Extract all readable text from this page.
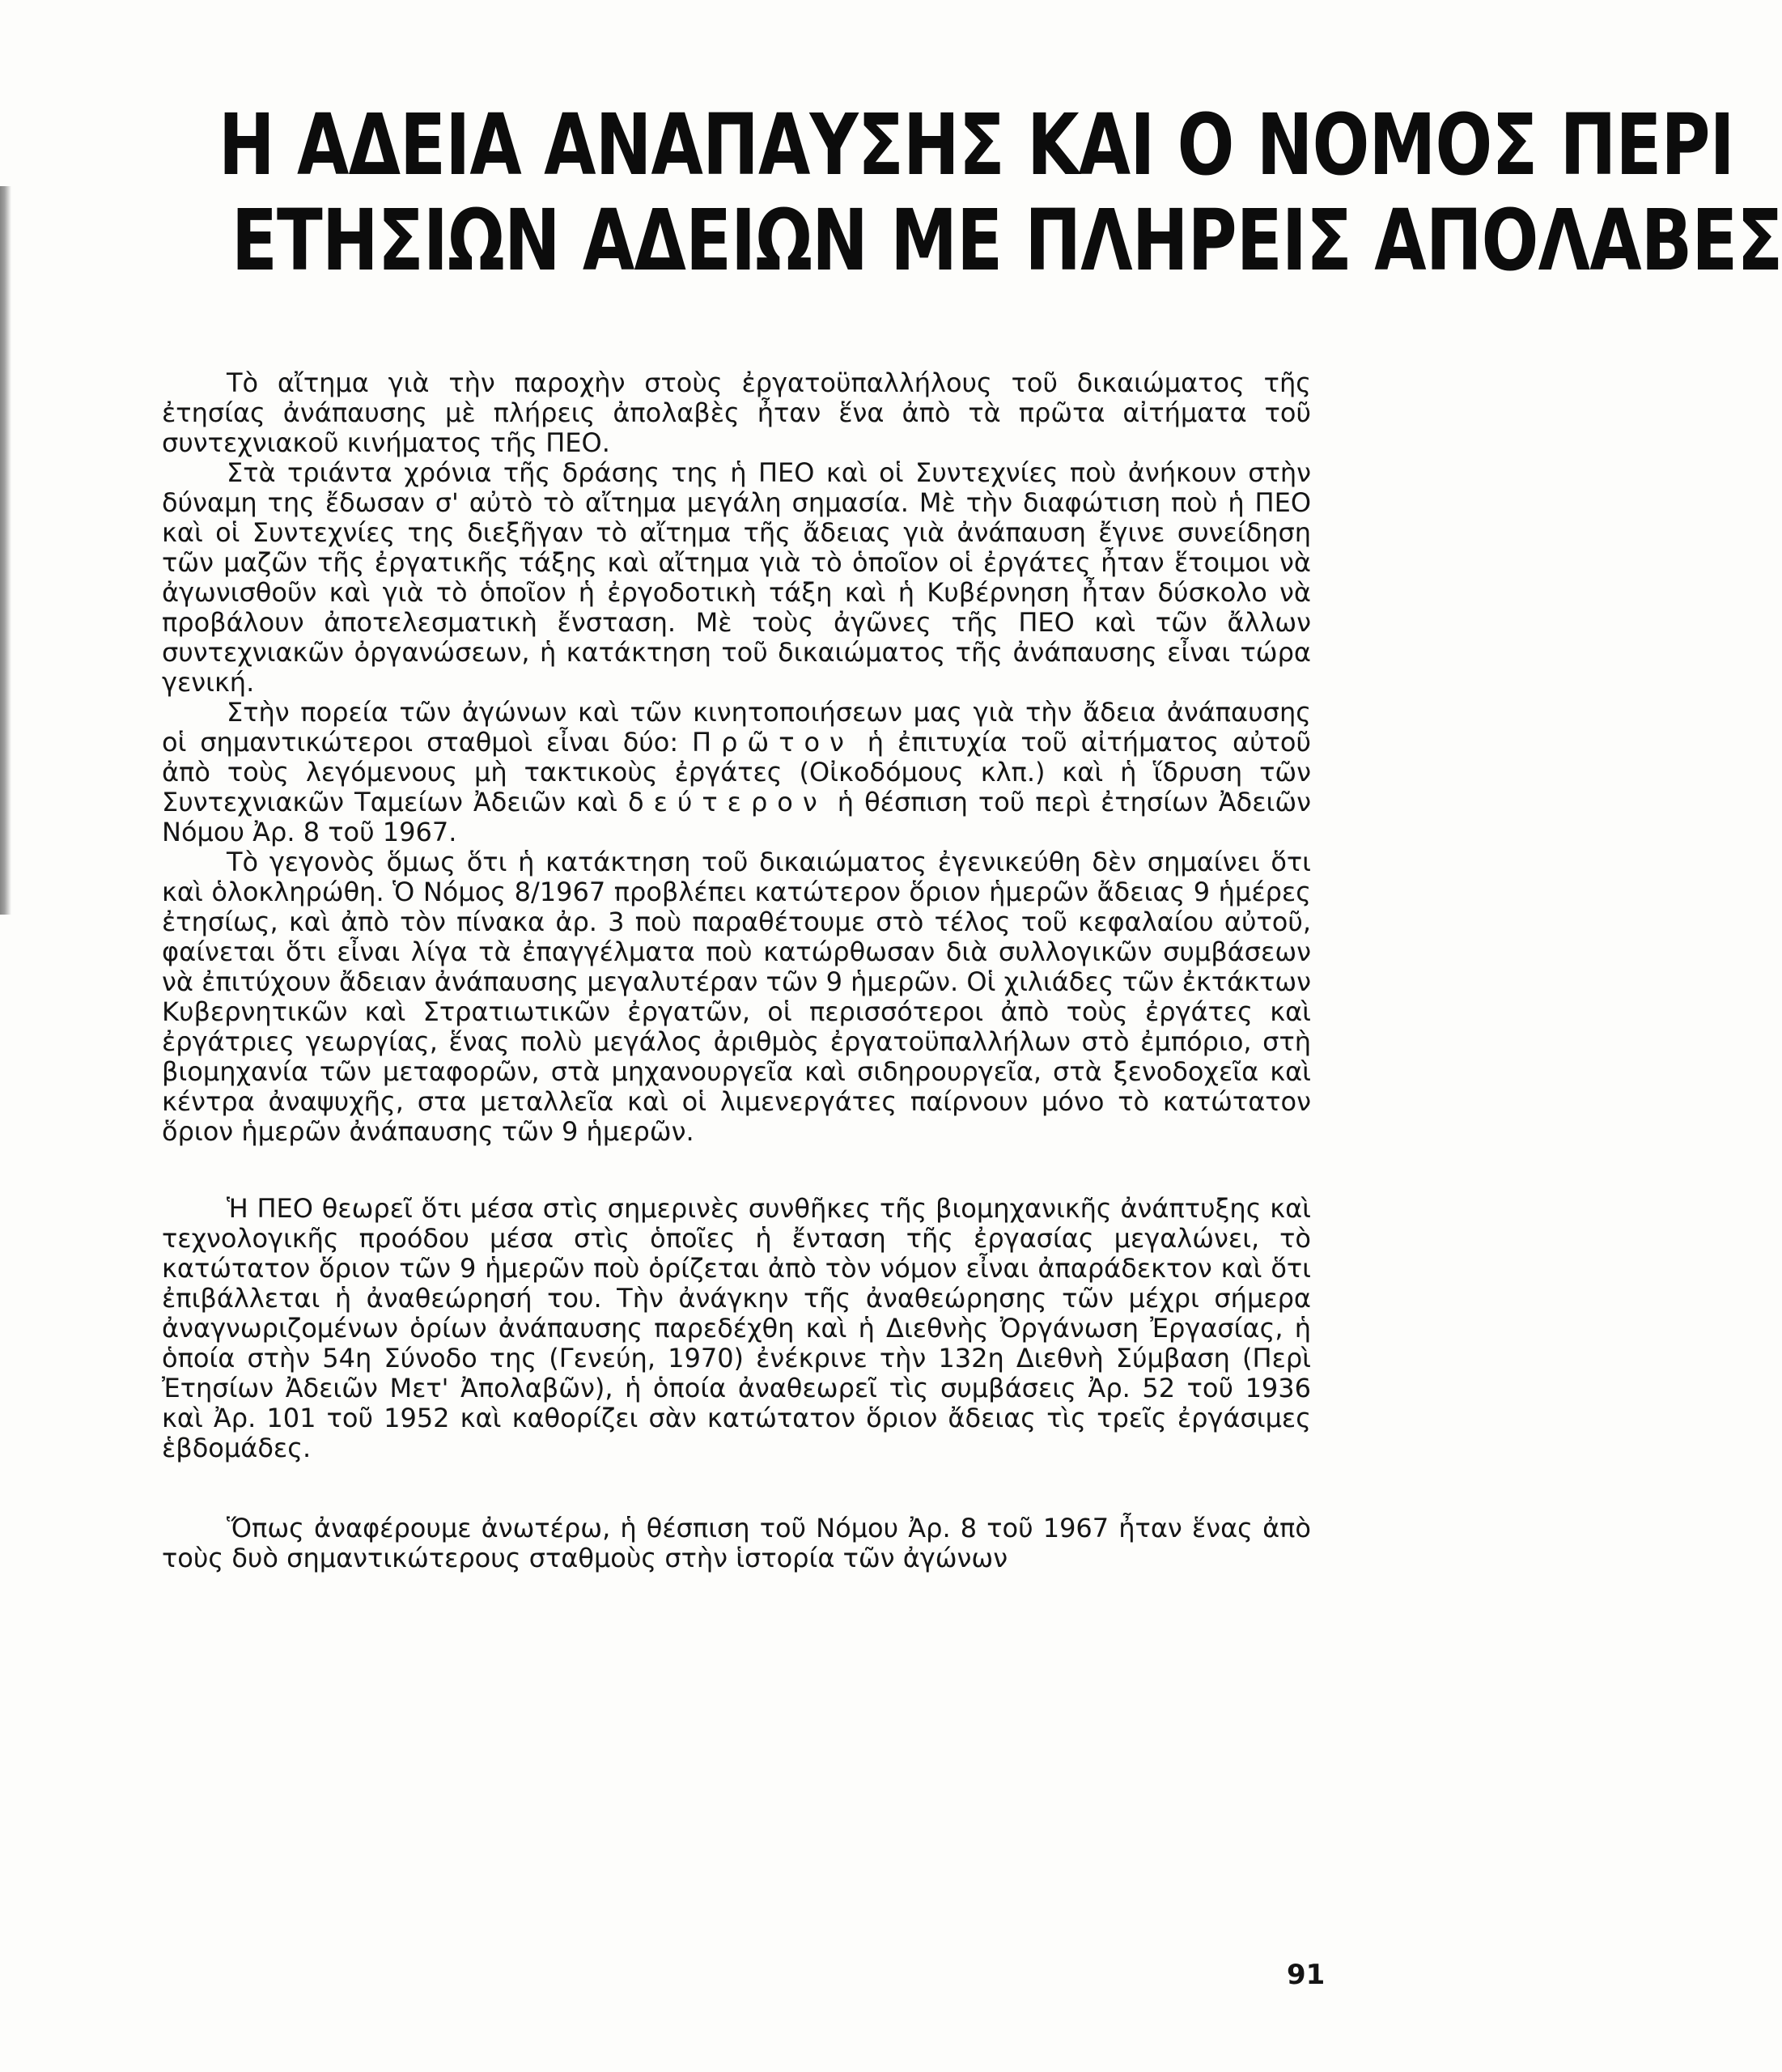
Η ΑΔΕΙΑ ΑΝΑΠΑΥΣΗΣ ΚΑΙ Ο ΝΟΜΟΣ ΠΕΡΙ
ΕΤΗΣΙΩΝ ΑΔΕΙΩΝ ΜΕ ΠΛΗΡΕΙΣ ΑΠΟΛΑΒΕΣ

Τὸ αἴτημα γιὰ τὴν παροχὴν στοὺς ἐργατοϋπαλλήλους τοῦ δικαιώματος τῆς ἐτησίας ἀνάπαυσης μὲ πλήρεις ἀπολαβὲς ἦταν ἕνα ἀπὸ τὰ πρῶτα αἰτήματα τοῦ συντεχνιακοῦ κινήματος τῆς ΠΕΟ.

Στὰ τριάντα χρόνια τῆς δράσης της ἡ ΠΕΟ καὶ οἱ Συντεχνίες ποὺ ἀνήκουν στὴν δύναμη της ἔδωσαν σ' αὐτὸ τὸ αἴτημα μεγάλη σημασία. Μὲ τὴν διαφώτιση ποὺ ἡ ΠΕΟ καὶ οἱ Συντεχνίες της διεξῆγαν τὸ αἴτημα τῆς ἄδειας γιὰ ἀνάπαυση ἔγινε συνείδηση τῶν μαζῶν τῆς ἐργατικῆς τάξης καὶ αἴτημα γιὰ τὸ ὁποῖον οἱ ἐργάτες ἦταν ἕτοιμοι νὰ ἀγωνισθοῦν καὶ γιὰ τὸ ὁποῖον ἡ ἐργοδοτικὴ τάξη καὶ ἡ Κυβέρνηση ἦταν δύσκολο νὰ προβάλουν ἀποτελεσματικὴ ἔνσταση. Μὲ τοὺς ἀγῶνες τῆς ΠΕΟ καὶ τῶν ἄλλων συντεχνιακῶν ὀργανώσεων, ἡ κατάκτηση τοῦ δικαιώματος τῆς ἀνάπαυσης εἶναι τώρα γενική.

Στὴν πορεία τῶν ἀγώνων καὶ τῶν κινητοποιήσεων μας γιὰ τὴν ἄδεια ἀνάπαυσης οἱ σημαντικώτεροι σταθμοὶ εἶναι δύο: Πρῶτον ἡ ἐπιτυχία τοῦ αἰτήματος αὐτοῦ ἀπὸ τοὺς λεγόμενους μὴ τακτικοὺς ἐργάτες (Οἰκοδόμους κλπ.) καὶ ἡ ἵδρυση τῶν Συντεχνιακῶν Ταμείων Ἀδειῶν καὶ δεύτερον ἡ θέσπιση τοῦ περὶ ἐτησίων Ἀδειῶν Νόμου Ἀρ. 8 τοῦ 1967.

Τὸ γεγονὸς ὅμως ὅτι ἡ κατάκτηση τοῦ δικαιώματος ἐγενικεύθη δὲν σημαίνει ὅτι καὶ ὁλοκληρώθη. Ὁ Νόμος 8/1967 προβλέπει κατώτερον ὅριον ἡμερῶν ἄδειας 9 ἡμέρες ἐτησίως, καὶ ἀπὸ τὸν πίνακα ἀρ. 3 ποὺ παραθέτουμε στὸ τέλος τοῦ κεφαλαίου αὐτοῦ, φαίνεται ὅτι εἶναι λίγα τὰ ἐπαγγέλματα ποὺ κατώρθωσαν διὰ συλλογικῶν συμβάσεων νὰ ἐπιτύχουν ἄδειαν ἀνάπαυσης μεγαλυτέραν τῶν 9 ἡμερῶν. Οἱ χιλιάδες τῶν ἐκτάκτων Κυβερνητικῶν καὶ Στρατιωτικῶν ἐργατῶν, οἱ περισσότεροι ἀπὸ τοὺς ἐργάτες καὶ ἐργάτριες γεωργίας, ἕνας πολὺ μεγάλος ἀριθμὸς ἐργατοϋπαλλήλων στὸ ἐμπόριο, στὴ βιομηχανία τῶν μεταφορῶν, στὰ μηχανουργεῖα καὶ σιδηρουργεῖα, στὰ ξενοδοχεῖα καὶ κέντρα ἀναψυχῆς, στα μεταλλεῖα καὶ οἱ λιμενεργάτες παίρνουν μόνο τὸ κατώτατον ὅριον ἡμερῶν ἀνάπαυσης τῶν 9 ἡμερῶν.

Ἡ ΠΕΟ θεωρεῖ ὅτι μέσα στὶς σημερινὲς συνθῆκες τῆς βιομηχανικῆς ἀνάπτυξης καὶ τεχνολογικῆς προόδου μέσα στὶς ὁποῖες ἡ ἔνταση τῆς ἐργασίας μεγαλώνει, τὸ κατώτατον ὅριον τῶν 9 ἡμερῶν ποὺ ὁρίζεται ἀπὸ τὸν νόμον εἶναι ἀπαράδεκτον καὶ ὅτι ἐπιβάλλεται ἡ ἀναθεώρησή του. Τὴν ἀνάγκην τῆς ἀναθεώρησης τῶν μέχρι σήμερα ἀναγνωριζομένων ὁρίων ἀνάπαυσης παρεδέχθη καὶ ἡ Διεθνὴς Ὀργάνωση Ἐργασίας, ἡ ὁποία στὴν 54η Σύνοδο της (Γενεύη, 1970) ἐνέκρινε τὴν 132η Διεθνὴ Σύμβαση (Περὶ Ἐτησίων Ἀδειῶν Μετ' Ἀπολαβῶν), ἡ ὁποία ἀναθεωρεῖ τὶς συμβάσεις Ἀρ. 52 τοῦ 1936 καὶ Ἀρ. 101 τοῦ 1952 καὶ καθορίζει σὰν κατώτατον ὅριον ἄδειας τὶς τρεῖς ἐργάσιμες ἑβδομάδες.

Ὅπως ἀναφέρουμε ἀνωτέρω, ἡ θέσπιση τοῦ Νόμου Ἀρ. 8 τοῦ 1967 ἦταν ἕνας ἀπὸ τοὺς δυὸ σημαντικώτερους σταθμοὺς στὴν ἱστορία τῶν ἀγώνων

91
